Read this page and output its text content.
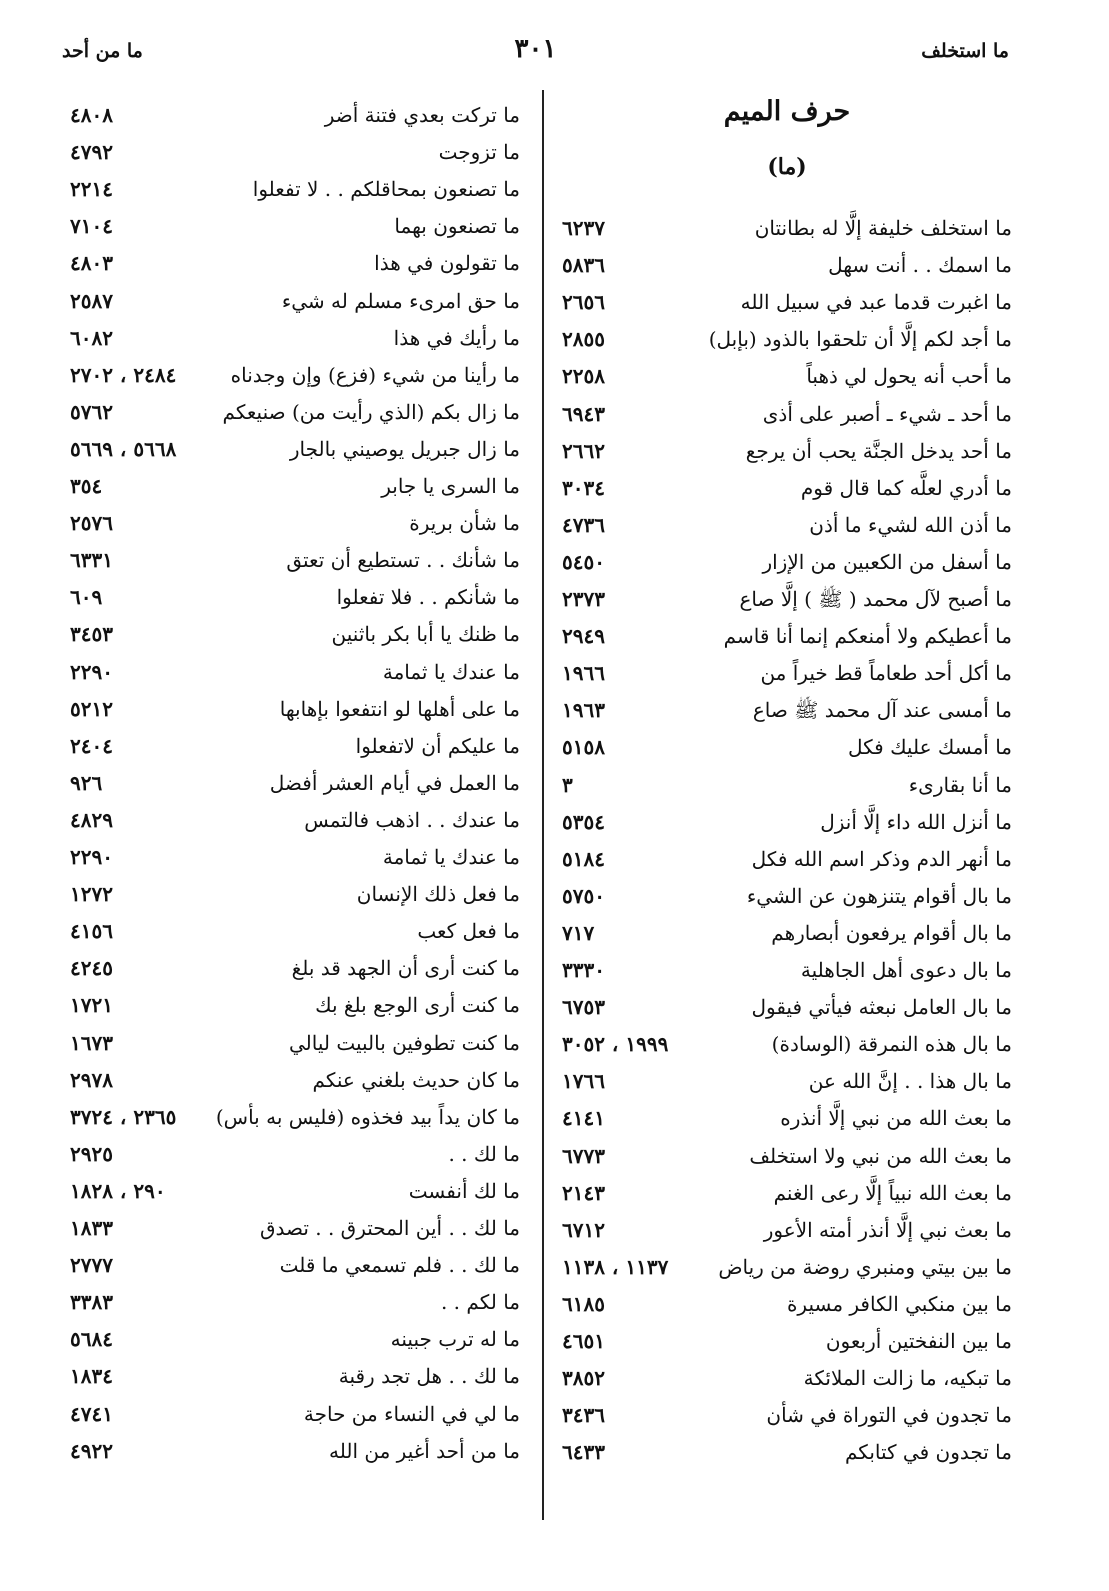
ما استخلف
٣٠١
ما من أحد
حرف الميم
(ما)
ما استخلف خليفة إلَّا له بطانتان
٦٢٣٧
ما اسمك . . أنت سهل
٥٨٣٦
ما اغبرت قدما عبد في سبيل الله
٢٦٥٦
ما أجد لكم إلَّا أن تلحقوا بالذود (بإبل)
٢٨٥٥
ما أحب أنه يحول لي ذهباً
٢٢٥٨
ما أحد ـ شيء ـ أصبر على أذى
٦٩٤٣
ما أحد يدخل الجنَّة يحب أن يرجع
٢٦٦٢
ما أدري لعلَّه كما قال قوم
٣٠٣٤
ما أذن الله لشيء ما أذن
٤٧٣٦
ما أسفل من الكعبين من الإزار
٥٤٥٠
ما أصبح لآل محمد ( ﷺ ) إلَّا صاع
٢٣٧٣
ما أعطيكم ولا أمنعكم إنما أنا قاسم
٢٩٤٩
ما أكل أحد طعاماً قط خيراً من
١٩٦٦
ما أمسى عند آل محمد ﷺ صاع
١٩٦٣
ما أمسك عليك فكل
٥١٥٨
ما أنا بقارىء
٣
ما أنزل الله داء إلَّا أنزل
٥٣٥٤
ما أنهر الدم وذكر اسم الله فكل
٥١٨٤
ما بال أقوام يتنزهون عن الشيء
٥٧٥٠
ما بال أقوام يرفعون أبصارهم
٧١٧
ما بال دعوى أهل الجاهلية
٣٣٣٠
ما بال العامل نبعثه فيأتي فيقول
٦٧٥٣
ما بال هذه النمرقة (الوسادة)
١٩٩٩ ، ٣٠٥٢
ما بال هذا . . إنَّ الله عن
١٧٦٦
ما بعث الله من نبي إلَّا أنذره
٤١٤١
ما بعث الله من نبي ولا استخلف
٦٧٧٣
ما بعث الله نبياً إلَّا رعى الغنم
٢١٤٣
ما بعث نبي إلَّا أنذر أمته الأعور
٦٧١٢
ما بين بيتي ومنبري روضة من رياض
١١٣٧ ، ١١٣٨
ما بين منكبي الكافر مسيرة
٦١٨٥
ما بين النفختين أربعون
٤٦٥١
ما تبكيه، ما زالت الملائكة
٣٨٥٢
ما تجدون في التوراة في شأن
٣٤٣٦
ما تجدون في كتابكم
٦٤٣٣
ما تركت بعدي فتنة أضر
٤٨٠٨
ما تزوجت
٤٧٩٢
ما تصنعون بمحاقلكم . . لا تفعلوا
٢٢١٤
ما تصنعون بهما
٧١٠٤
ما تقولون في هذا
٤٨٠٣
ما حق امرىء مسلم له شيء
٢٥٨٧
ما رأيك في هذا
٦٠٨٢
ما رأينا من شيء (فزع) وإن وجدناه
٢٤٨٤ ، ٢٧٠٢
ما زال بكم (الذي رأيت من) صنيعكم
٥٧٦٢
ما زال جبريل يوصيني بالجار
٥٦٦٨ ، ٥٦٦٩
ما السرى يا جابر
٣٥٤
ما شأن بريرة
٢٥٧٦
ما شأنك . . تستطيع أن تعتق
٦٣٣١
ما شأنكم . . فلا تفعلوا
٦٠٩
ما ظنك يا أبا بكر باثنين
٣٤٥٣
ما عندك يا ثمامة
٢٢٩٠
ما على أهلها لو انتفعوا بإهابها
٥٢١٢
ما عليكم أن لاتفعلوا
٢٤٠٤
ما العمل في أيام العشر أفضل
٩٢٦
ما عندك . . اذهب فالتمس
٤٨٢٩
ما عندك يا ثمامة
٢٢٩٠
ما فعل ذلك الإنسان
١٢٧٢
ما فعل كعب
٤١٥٦
ما كنت أرى أن الجهد قد بلغ
٤٢٤٥
ما كنت أرى الوجع بلغ بك
١٧٢١
ما كنت تطوفين بالبيت ليالي
١٦٧٣
ما كان حديث بلغني عنكم
٢٩٧٨
ما كان يداً بيد فخذوه (فليس به بأس)
٢٣٦٥ ، ٣٧٢٤
ما لك . .
٢٩٢٥
ما لك أنفست
٢٩٠ ، ١٨٢٨
ما لك . . أين المحترق . . تصدق
١٨٣٣
ما لك . . فلم تسمعي ما قلت
٢٧٧٧
ما لكم . .
٣٣٨٣
ما له ترب جبينه
٥٦٨٤
ما لك . . هل تجد رقبة
١٨٣٤
ما لي في النساء من حاجة
٤٧٤١
ما من أحد أغير من الله
٤٩٢٢
